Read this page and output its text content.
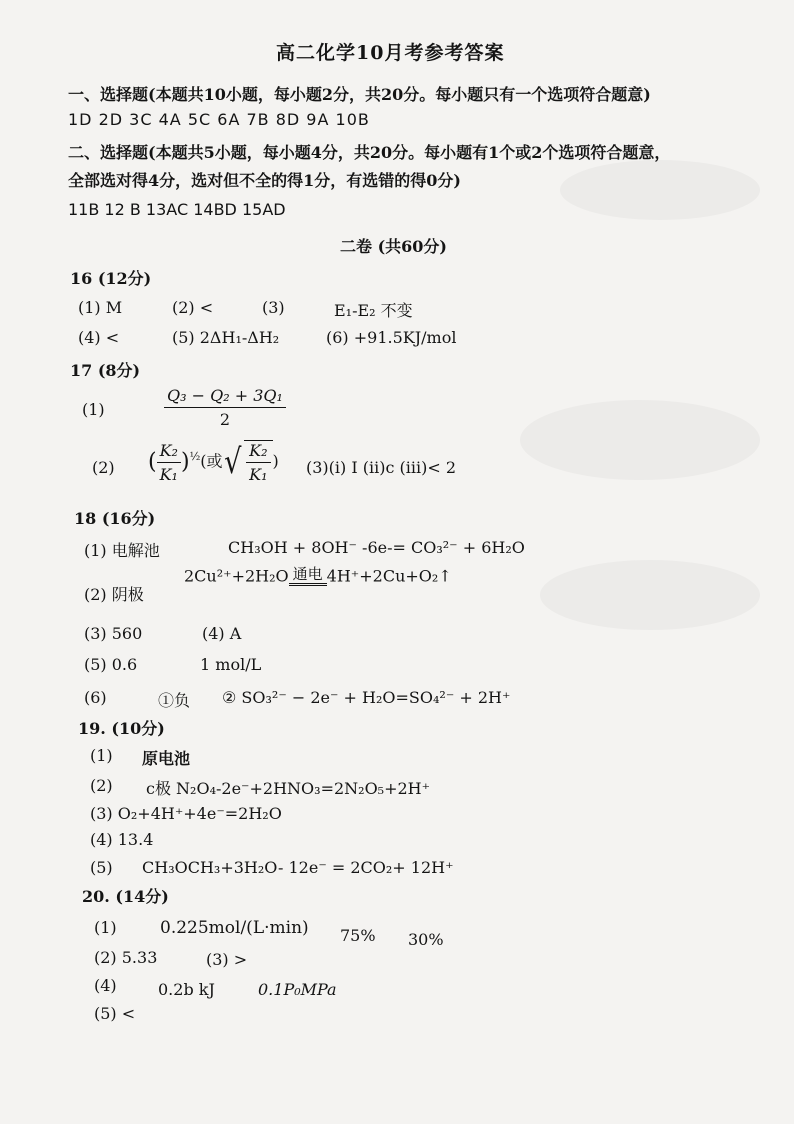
高二化学10月考参考答案
一、选择题(本题共10小题，每小题2分，共20分。每小题只有一个选项符合题意)
1D 2D 3C 4A 5C 6A 7B 8D 9A 10B
二、选择题(本题共5小题，每小题4分，共20分。每小题有1个或2个选项符合题意，
全部选对得4分，选对但不全的得1分，有选错的得0分)
11B 12 B 13AC 14BD 15AD
二卷 (共60分)
16 (12分)
(1) M	(2) <	(3)	E₁-E₂ 不变
(4) <	(5) 2ΔH₁-ΔH₂	(6) +91.5KJ/mol
17 (8分)
(1)	$\frac{\text{Q₃ − Q₂ + 3Q₁}}{2}$
(2) ( $\frac{\text{K₂}}{\text{K₁}} )^{\frac{1}{2}}$(或 √ $\frac{\text{K₂}}{\text{K₁}}$ ) (3)(ⅰ) I (ⅱ)c (ⅲ)< 2
18 (16分)
(1) 电解池	CH₃OH + 8OH⁻ -6e-= CO₃²⁻ + 6H₂O
(2) 阴极
2Cu²⁺+2H₂O 通电 4H⁺+2Cu+O₂↑
(3) 560	(4) A
(5) 0.6	1 mol/L
(6)	①负 ② SO₃²⁻ − 2e⁻ + H₂O=SO₄²⁻ + 2H⁺
19. (10分)
(1) 原电池
(2) c极 N₂O₄-2e⁻+2HNO₃=2N₂O₅+2H⁺
(3) O₂+4H⁺+4e⁻=2H₂O
(4) 13.4
(5) CH₃OCH₃+3H₂O- 12e⁻ = 2CO₂+ 12H⁺
20. (14分)
(1)	0.225mol/(L·min) 75% 30%
(2) 5.33	(3) >
(4)	0.2b kJ	0.1P₀MPa
(5) <
